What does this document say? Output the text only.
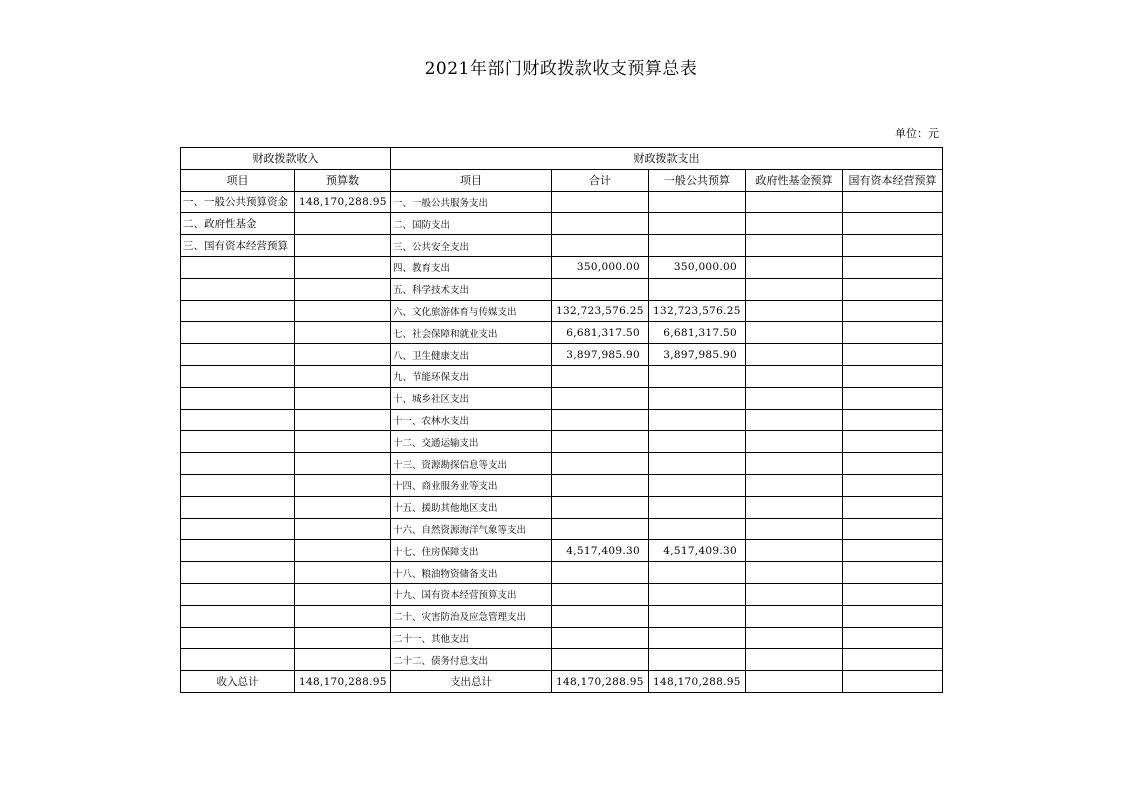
2021年部门财政拨款收支预算总表
单位：元
财政拨款收入		财政拨款支出				
项目	预算数	项目	合计	一般公共预算	政府性基金预算	国有资本经营预算
一、一般公共预算资金	148,170,288.95	一、一般公共服务支出				
二、政府性基金		二、国防支出				
三、国有资本经营预算		三、公共安全支出				
		四、教育支出	350,000.00	350,000.00		
		五、科学技术支出				
		六、文化旅游体育与传媒支出	132,723,576.25	132,723,576.25		
		七、社会保障和就业支出	6,681,317.50	6,681,317.50		
		八、卫生健康支出	3,897,985.90	3,897,985.90		
		九、节能环保支出				
		十、城乡社区支出				
		十一、农林水支出				
		十二、交通运输支出				
		十三、资源勘探信息等支出				
		十四、商业服务业等支出				
		十五、援助其他地区支出				
		十六、自然资源海洋气象等支出				
		十七、住房保障支出	4,517,409.30	4,517,409.30		
		十八、粮油物资储备支出				
		十九、国有资本经营预算支出				
		二十、灾害防治及应急管理支出				
		二十一、其他支出				
		二十二、债务付息支出				
收入总计	148,170,288.95	支出总计	148,170,288.95	148,170,288.95		
